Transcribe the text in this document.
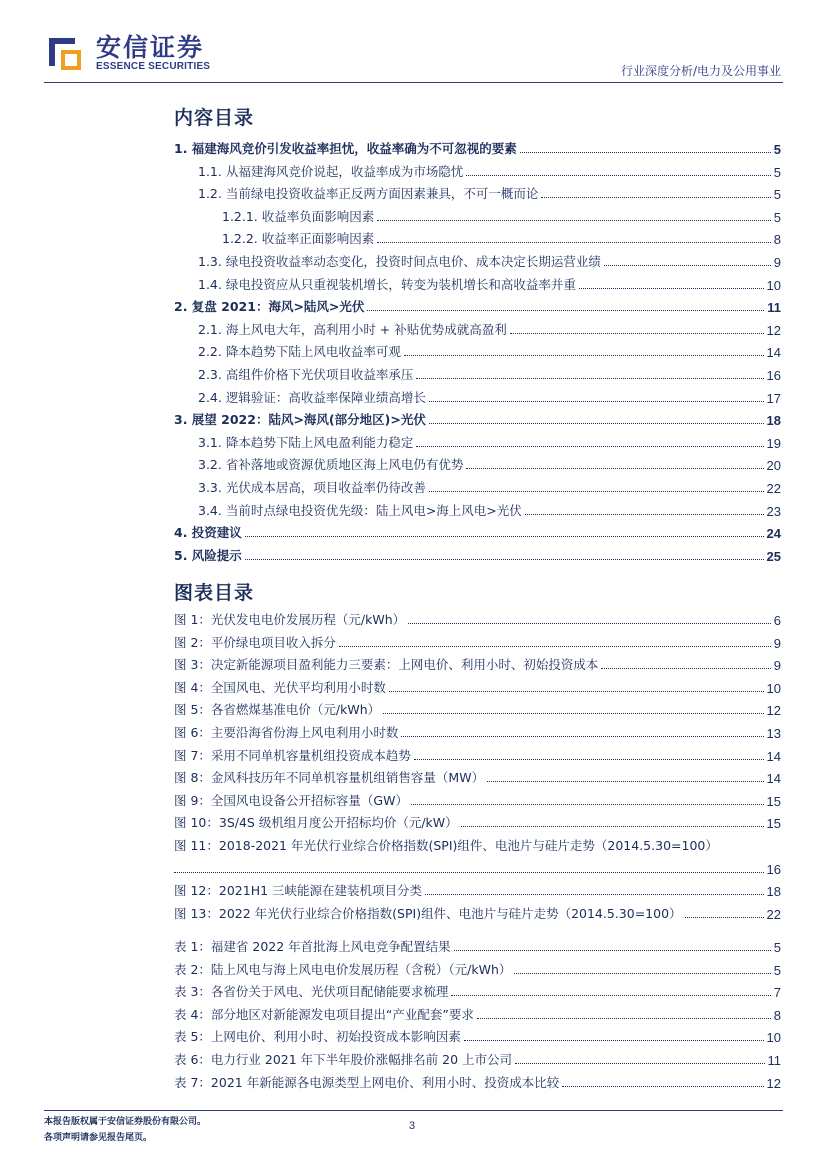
安信证券
ESSENCE SECURITIES	行业深度分析/电力及公用事业
内容目录
1. 福建海风竞价引发收益率担忧，收益率确为不可忽视的要素	5
1.1. 从福建海风竞价说起，收益率成为市场隐忧	5
1.2. 当前绿电投资收益率正反两方面因素兼具，不可一概而论	5
1.2.1. 收益率负面影响因素	5
1.2.2. 收益率正面影响因素	8
1.3. 绿电投资收益率动态变化，投资时间点电价、成本决定长期运营业绩	9
1.4. 绿电投资应从只重视装机增长，转变为装机增长和高收益率并重	10
2. 复盘 2021：海风>陆风>光伏	11
2.1. 海上风电大年，高利用小时 + 补贴优势成就高盈利	12
2.2. 降本趋势下陆上风电收益率可观	14
2.3. 高组件价格下光伏项目收益率承压	16
2.4. 逻辑验证：高收益率保障业绩高增长	17
3. 展望 2022：陆风>海风(部分地区)>光伏	18
3.1. 降本趋势下陆上风电盈利能力稳定	19
3.2. 省补落地或资源优质地区海上风电仍有优势	20
3.3. 光伏成本居高，项目收益率仍待改善	22
3.4. 当前时点绿电投资优先级：陆上风电>海上风电>光伏	23
4. 投资建议	24
5. 风险提示	25
图表目录
图 1：光伏发电电价发展历程（元/kWh）	6
图 2：平价绿电项目收入拆分	9
图 3：决定新能源项目盈利能力三要素：上网电价、利用小时、初始投资成本	9
图 4：全国风电、光伏平均利用小时数	10
图 5：各省燃煤基准电价（元/kWh）	12
图 6：主要沿海省份海上风电利用小时数	13
图 7：采用不同单机容量机组投资成本趋势	14
图 8：金风科技历年不同单机容量机组销售容量（MW）	14
图 9：全国风电设备公开招标容量（GW）	15
图 10：3S/4S 级机组月度公开招标均价（元/kW）	15
图 11：2018-2021 年光伏行业综合价格指数(SPI)组件、电池片与硅片走势（2014.5.30=100）
16
图 12：2021H1 三峡能源在建装机项目分类	18
图 13：2022 年光伏行业综合价格指数(SPI)组件、电池片与硅片走势（2014.5.30=100）	22
表 1：福建省 2022 年首批海上风电竞争配置结果	5
表 2：陆上风电与海上风电电价发展历程（含税）（元/kWh）	5
表 3：各省份关于风电、光伏项目配储能要求梳理	7
表 4：部分地区对新能源发电项目提出“产业配套”要求	8
表 5：上网电价、利用小时、初始投资成本影响因素	10
表 6：电力行业 2021 年下半年股价涨幅排名前 20 上市公司	11
表 7：2021 年新能源各电源类型上网电价、利用小时、投资成本比较	12
3
本报告版权属于安信证券股份有限公司。
各项声明请参见报告尾页。
